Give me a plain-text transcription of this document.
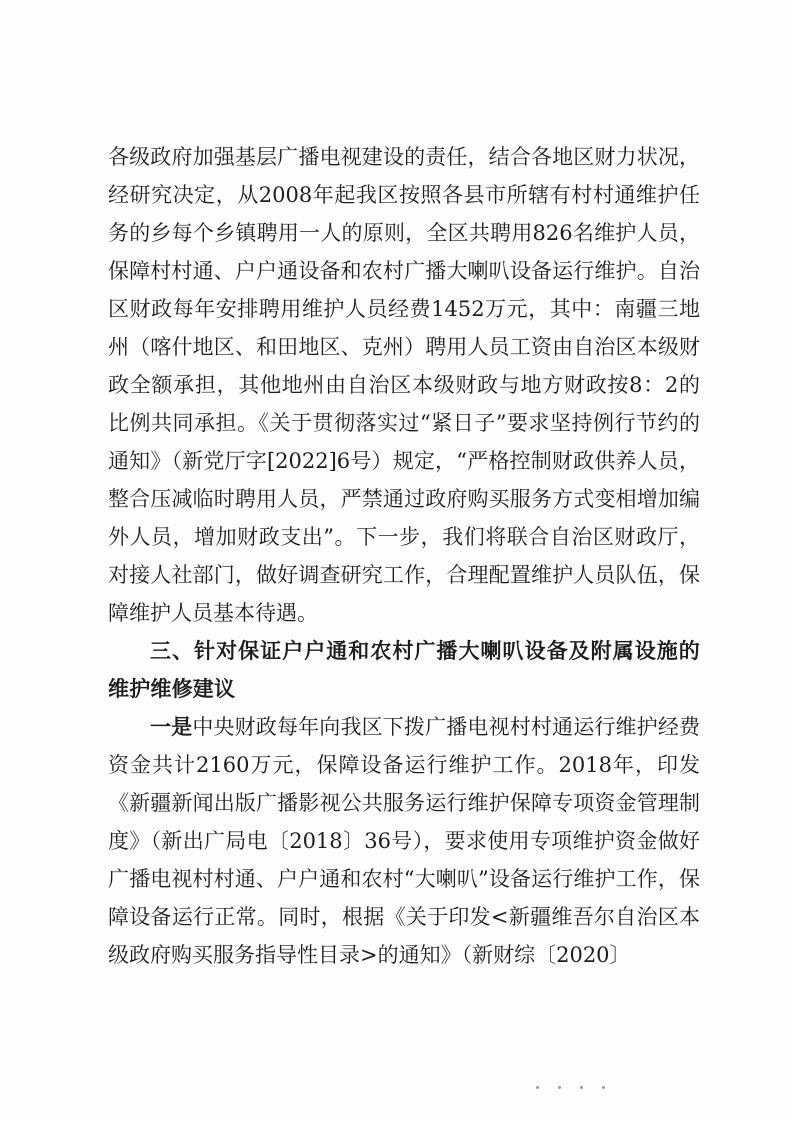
各级政府加强基层广播电视建设的责任，结合各地区财力状况，经研究决定，从2008年起我区按照各县市所辖有村村通维护任务的乡每个乡镇聘用一人的原则，全区共聘用826名维护人员，保障村村通、户户通设备和农村广播大喇叭设备运行维护。自治区财政每年安排聘用维护人员经费1452万元，其中：南疆三地州（喀什地区、和田地区、克州）聘用人员工资由自治区本级财政全额承担，其他地州由自治区本级财政与地方财政按8：2的比例共同承担。《关于贯彻落实过“紧日子”要求坚持例行节约的通知》（新党厅字[2022]6号）规定，“严格控制财政供养人员，整合压减临时聘用人员，严禁通过政府购买服务方式变相增加编外人员，增加财政支出”。下一步，我们将联合自治区财政厅，对接人社部门，做好调查研究工作，合理配置维护人员队伍，保障维护人员基本待遇。

三、针对保证户户通和农村广播大喇叭设备及附属设施的维护维修建议

一是中央财政每年向我区下拨广播电视村村通运行维护经费资金共计2160万元，保障设备运行维护工作。2018年，印发《新疆新闻出版广播影视公共服务运行维护保障专项资金管理制度》（新出广局电〔2018〕36号），要求使用专项维护资金做好广播电视村村通、户户通和农村“大喇叭”设备运行维护工作，保障设备运行正常。同时，根据《关于印发<新疆维吾尔自治区本级政府购买服务指导性目录>的通知》（新财综〔2020〕
